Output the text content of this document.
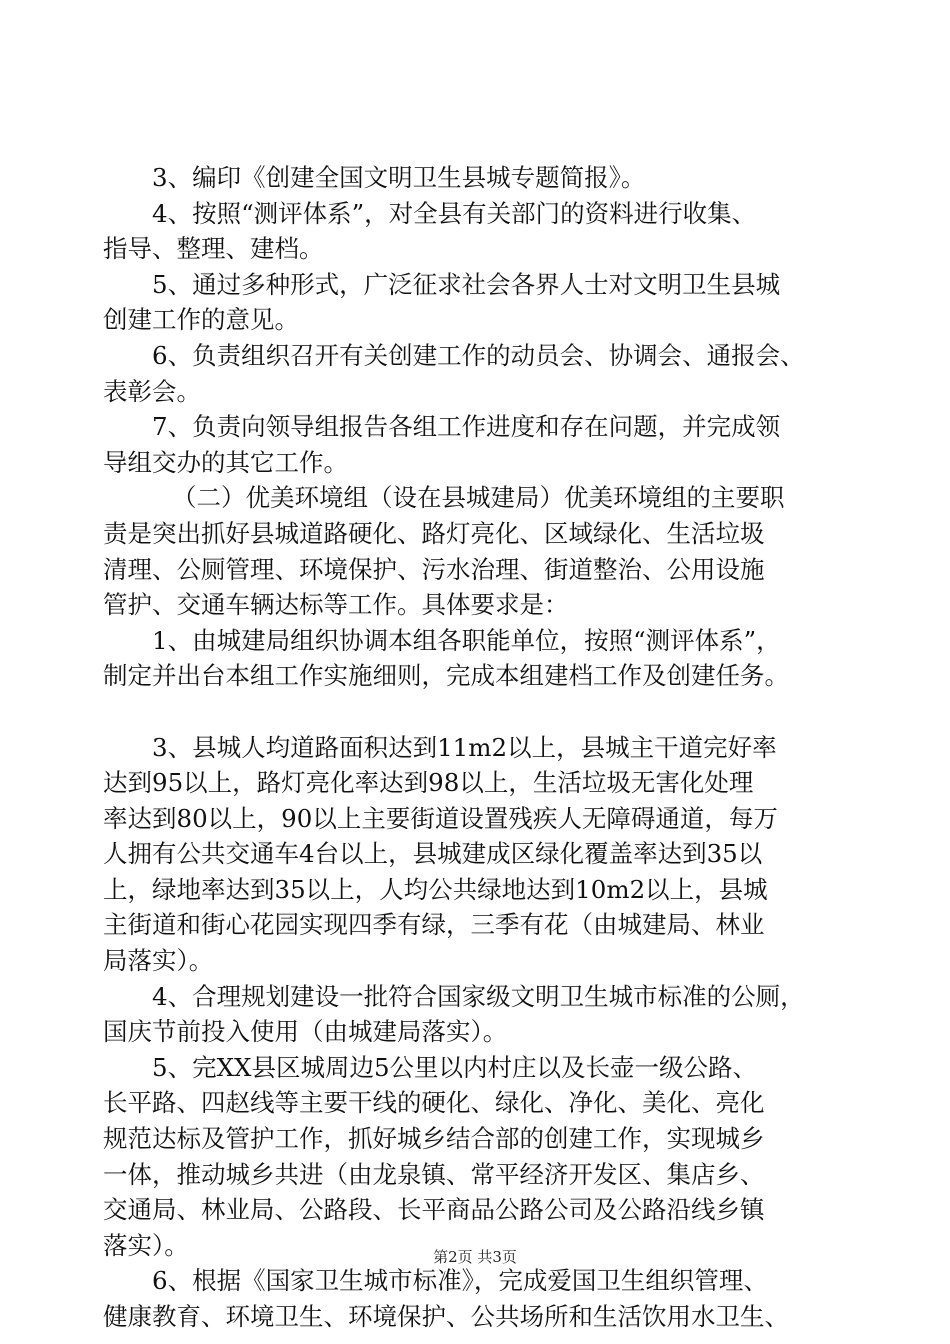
3、编印《创建全国文明卫生县城专题简报》。
4、按照“测评体系”，对全县有关部门的资料进行收集、
指导、整理、建档。
5、通过多种形式，广泛征求社会各界人士对文明卫生县城
创建工作的意见。
6、负责组织召开有关创建工作的动员会、协调会、通报会、
表彰会。
7、负责向领导组报告各组工作进度和存在问题，并完成领
导组交办的其它工作。
（二）优美环境组（设在县城建局）优美环境组的主要职
责是突出抓好县城道路硬化、路灯亮化、区域绿化、生活垃圾
清理、公厕管理、环境保护、污水治理、街道整治、公用设施
管护、交通车辆达标等工作。具体要求是：
1、由城建局组织协调本组各职能单位，按照“测评体系”，
制定并出台本组工作实施细则，完成本组建档工作及创建任务。
3、县城人均道路面积达到11m2以上，县城主干道完好率
达到95以上，路灯亮化率达到98以上，生活垃圾无害化处理
率达到80以上，90以上主要街道设置残疾人无障碍通道，每万
人拥有公共交通车4台以上，县城建成区绿化覆盖率达到35以
上，绿地率达到35以上，人均公共绿地达到10m2以上，县城
主街道和街心花园实现四季有绿，三季有花（由城建局、林业
局落实）。
4、合理规划建设一批符合国家级文明卫生城市标准的公厕，
国庆节前投入使用（由城建局落实）。
5、完XX县区城周边5公里以内村庄以及长壶一级公路、
长平路、四赵线等主要干线的硬化、绿化、净化、美化、亮化
规范达标及管护工作，抓好城乡结合部的创建工作，实现城乡
一体，推动城乡共进（由龙泉镇、常平经济开发区、集店乡、
交通局、林业局、公路段、长平商品公路公司及公路沿线乡镇
落实）。
6、根据《国家卫生城市标准》，完成爱国卫生组织管理、
健康教育、环境卫生、环境保护、公共场所和生活饮用水卫生、
第2页 共3页
